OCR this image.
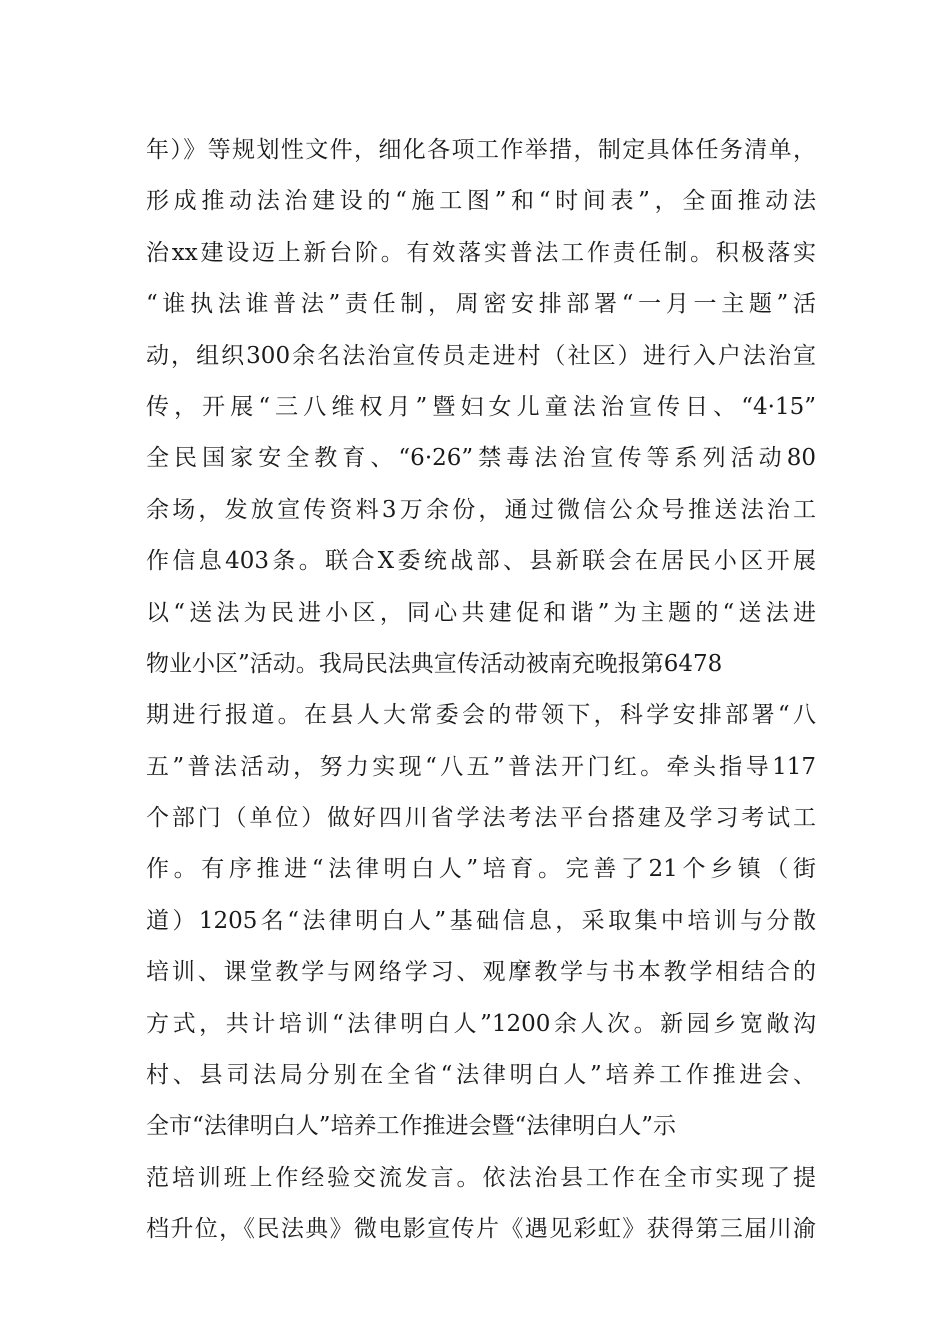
年）》等规划性文件，细化各项工作举措，制定具体任务清单，
形成推动法治建设的“施工图”和“时间表”，全面推动法
治xx建设迈上新台阶。有效落实普法工作责任制。积极落实
“谁执法谁普法”责任制，周密安排部署“一月一主题”活
动，组织300余名法治宣传员走进村（社区）进行入户法治宣
传，开展“三八维权月”暨妇女儿童法治宣传日、“4·15”
全民国家安全教育、“6·26”禁毒法治宣传等系列活动80
余场，发放宣传资料3万余份，通过微信公众号推送法治工
作信息403条。联合X委统战部、县新联会在居民小区开展
以“送法为民进小区，同心共建促和谐”为主题的“送法进
物业小区”活动。我局民法典宣传活动被南充晚报第6478
期进行报道。在县人大常委会的带领下，科学安排部署“八
五”普法活动，努力实现“八五”普法开门红。牵头指导117
个部门（单位）做好四川省学法考法平台搭建及学习考试工
作。有序推进“法律明白人”培育。完善了21个乡镇（街
道）1205名“法律明白人”基础信息，采取集中培训与分散
培训、课堂教学与网络学习、观摩教学与书本教学相结合的
方式，共计培训“法律明白人”1200余人次。新园乡宽敞沟
村、县司法局分别在全省“法律明白人”培养工作推进会、
全市“法律明白人”培养工作推进会暨“法律明白人”示
范培训班上作经验交流发言。依法治县工作在全市实现了提
档升位，《民法典》微电影宣传片《遇见彩虹》获得第三届川渝
